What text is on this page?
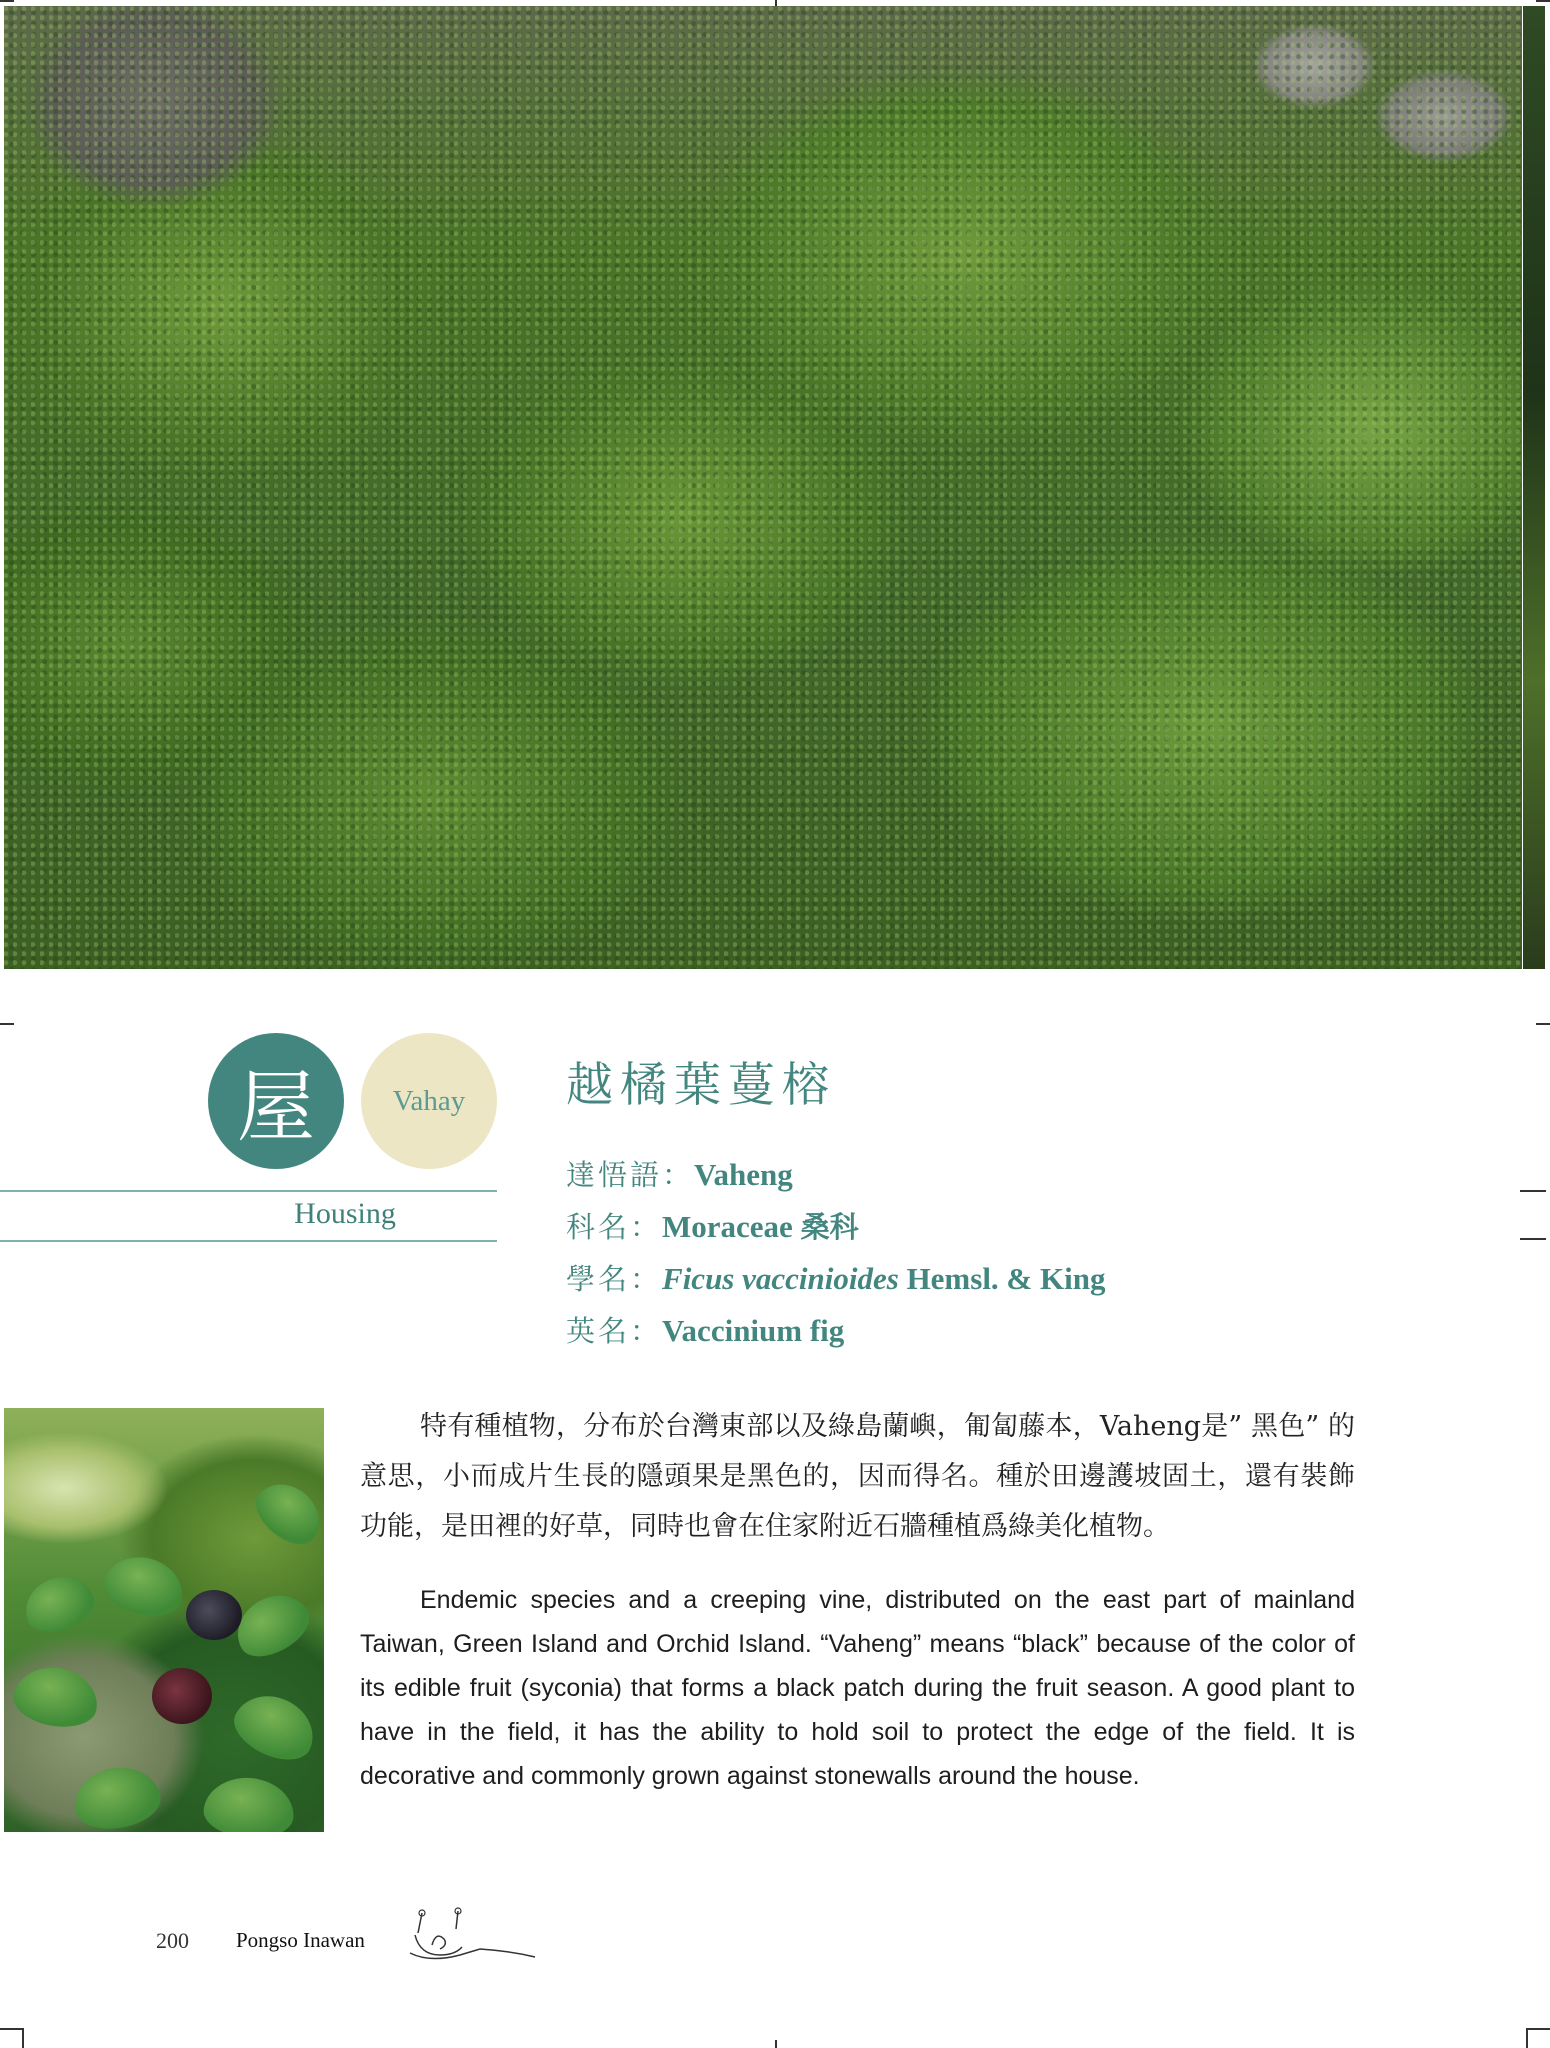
屋	Vahay
Housing
越橘葉蔓榕
達悟語：Vaheng
科名：Moraceae 桑科
學名：Ficus vaccinioides Hemsl. & King
英名：Vaccinium fig
特有種植物，分布於台灣東部以及綠島蘭嶼，匍匐藤本，Vaheng是” 黑色” 的意思，小而成片生長的隱頭果是黑色的，因而得名。種於田邊護坡固土，還有裝飾功能，是田裡的好草，同時也會在住家附近石牆種植爲綠美化植物。
Endemic species and a creeping vine, distributed on the east part of mainland Taiwan, Green Island and Orchid Island. “Vaheng” means “black” because of the color of its edible fruit (syconia) that forms a black patch during the fruit season. A good plant to have in the field, it has the ability to hold soil to protect the edge of the field. It is decorative and commonly grown against stonewalls around the house.
200 Pongso Inawan
